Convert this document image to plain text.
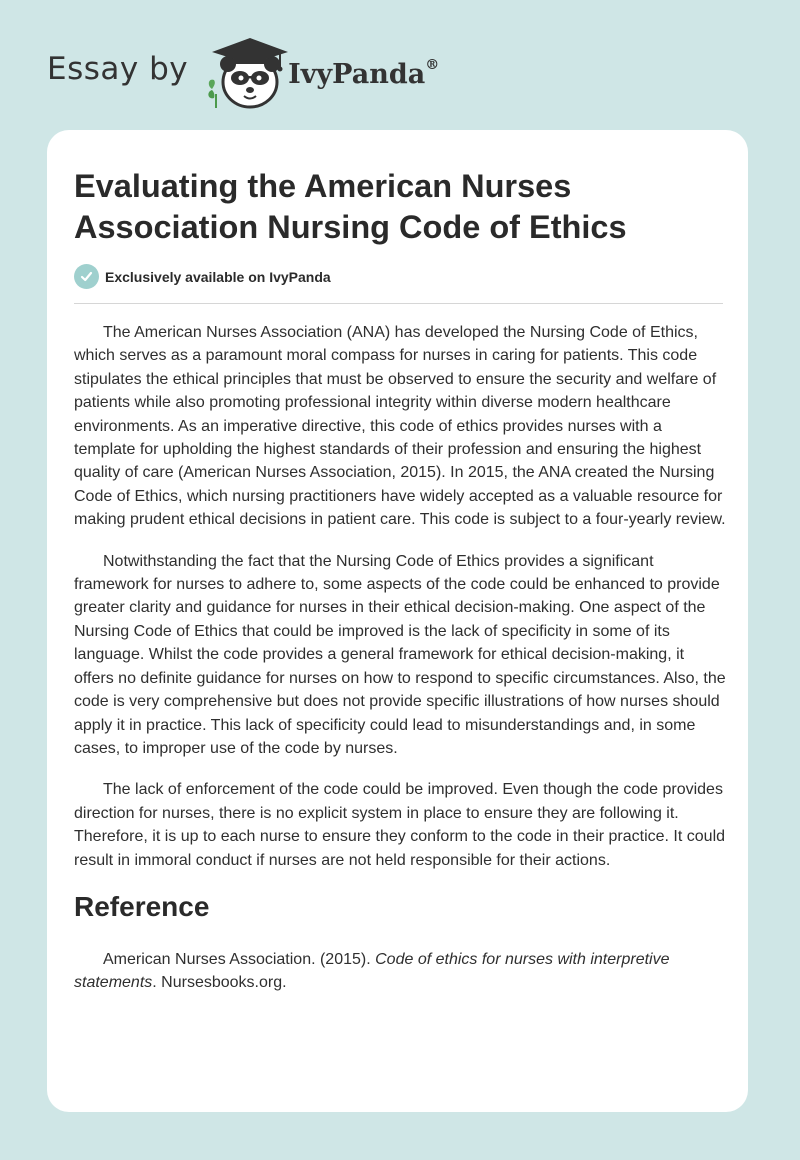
Essay by	IvyPanda®
Evaluating the American Nurses Association Nursing Code of Ethics
Exclusively available on IvyPanda

The American Nurses Association (ANA) has developed the Nursing Code of Ethics, which serves as a paramount moral compass for nurses in caring for patients. This code stipulates the ethical principles that must be observed to ensure the security and welfare of patients while also promoting professional integrity within diverse modern healthcare environments. As an imperative directive, this code of ethics provides nurses with a template for upholding the highest standards of their profession and ensuring the highest quality of care (American Nurses Association, 2015). In 2015, the ANA created the Nursing Code of Ethics, which nursing practitioners have widely accepted as a valuable resource for making prudent ethical decisions in patient care. This code is subject to a four-yearly review.

Notwithstanding the fact that the Nursing Code of Ethics provides a significant framework for nurses to adhere to, some aspects of the code could be enhanced to provide greater clarity and guidance for nurses in their ethical decision-making. One aspect of the Nursing Code of Ethics that could be improved is the lack of specificity in some of its language. Whilst the code provides a general framework for ethical decision-making, it offers no definite guidance for nurses on how to respond to specific circumstances. Also, the code is very comprehensive but does not provide specific illustrations of how nurses should apply it in practice. This lack of specificity could lead to misunderstandings and, in some cases, to improper use of the code by nurses.

The lack of enforcement of the code could be improved. Even though the code provides direction for nurses, there is no explicit system in place to ensure they are following it. Therefore, it is up to each nurse to ensure they conform to the code in their practice. It could result in immoral conduct if nurses are not held responsible for their actions.

Reference

American Nurses Association. (2015). Code of ethics for nurses with interpretive statements. Nursesbooks.org.
